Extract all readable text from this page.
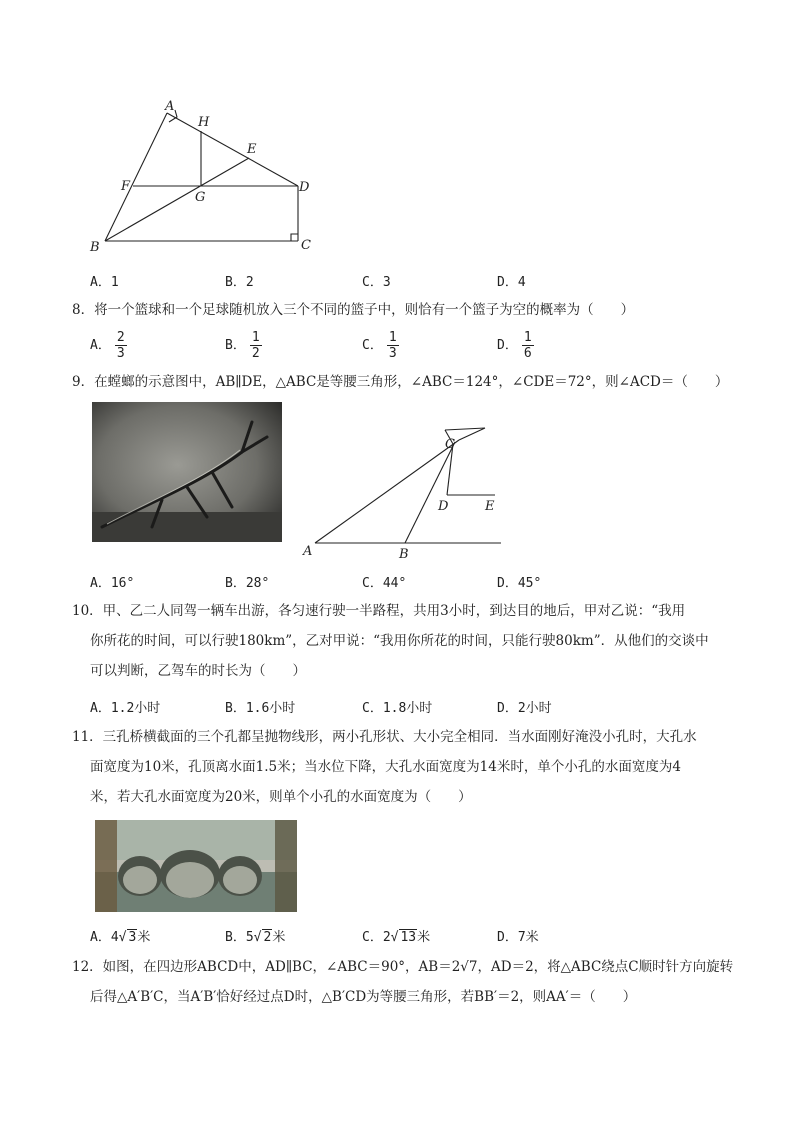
A
H
E
F
G
D
B	C
A．1	B．2	C．3	D．4
8．将一个篮球和一个足球随机放入三个不同的篮子中，则恰有一个篮子为空的概率为（　　）
A． $\frac{2}{3}$	B． $\frac{1}{2}$	C． $\frac{1}{3}$	D． $\frac{1}{6}$
9．在螳螂的示意图中，AB∥DE，△ABC是等腰三角形，∠ABC＝124°，∠CDE＝72°，则∠ACD＝（　　）
C
D	E
A	B
A．16°	B．28°	C．44°	D．45°
10．甲、乙二人同驾一辆车出游，各匀速行驶一半路程，共用3小时，到达目的地后，甲对乙说：“我用
你所花的时间，可以行驶180km”，乙对甲说：“我用你所花的时间，只能行驶80km”．从他们的交谈中
可以判断，乙驾车的时长为（　　）
A．1.2小时	B．1.6小时	C．1.8小时	D．2小时
11．三孔桥横截面的三个孔都呈抛物线形，两小孔形状、大小完全相同．当水面刚好淹没小孔时，大孔水
面宽度为10米，孔顶离水面1.5米；当水位下降，大孔水面宽度为14米时，单个小孔的水面宽度为4
米，若大孔水面宽度为20米，则单个小孔的水面宽度为（　　）
A．4√ 3米	B．5√ 2米	C．2√ 13米	D．7米
12．如图，在四边形ABCD中，AD∥BC，∠ABC＝90°，AB＝2√7，AD＝2，将△ABC绕点C顺时针方向旋转
后得△A′B′C，当A′B′恰好经过点D时，△B′CD为等腰三角形，若BB′＝2，则AA′＝（　　）
